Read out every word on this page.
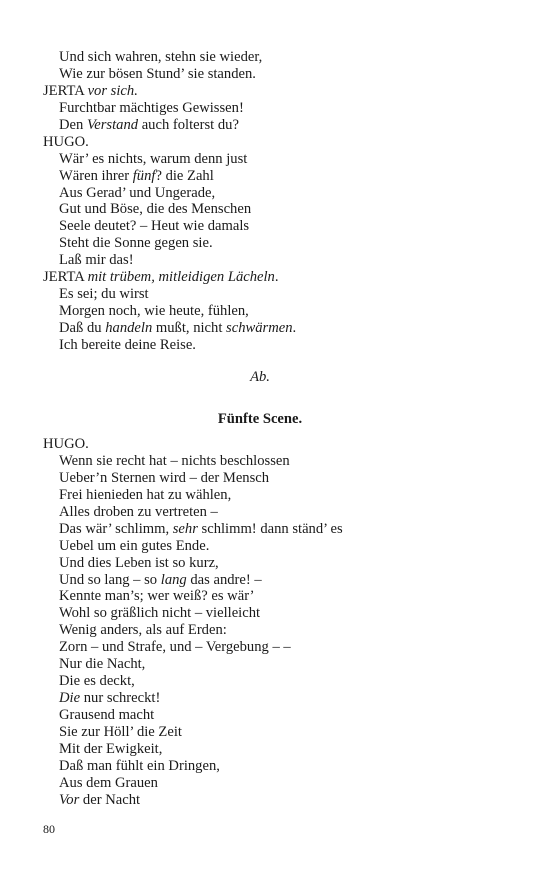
Und sich wahren, stehn sie wieder,
Wie zur bösen Stund’ sie standen.
JERTA vor sich.
Furchtbar mächtiges Gewissen!
Den Verstand auch folterst du?
HUGO.
Wär’ es nichts, warum denn just
Wären ihrer fünf? die Zahl
Aus Gerad’ und Ungerade,
Gut und Böse, die des Menschen
Seele deutet? – Heut wie damals
Steht die Sonne gegen sie.
Laß mir das!
JERTA mit trübem, mitleidigen Lächeln.
Es sei; du wirst
Morgen noch, wie heute, fühlen,
Daß du handeln mußt, nicht schwärmen.
Ich bereite deine Reise.
Ab.
Fünfte Scene.
HUGO.
Wenn sie recht hat – nichts beschlossen
Ueber’n Sternen wird – der Mensch
Frei hienieden hat zu wählen,
Alles droben zu vertreten –
Das wär’ schlimm, sehr schlimm! dann ständ’ es
Uebel um ein gutes Ende.
Und dies Leben ist so kurz,
Und so lang – so lang das andre! –
Kennte man’s; wer weiß? es wär’
Wohl so gräßlich nicht – vielleicht
Wenig anders, als auf Erden:
Zorn – und Strafe, und – Vergebung – –
Nur die Nacht,
Die es deckt,
Die nur schreckt!
Grausend macht
Sie zur Höll’ die Zeit
Mit der Ewigkeit,
Daß man fühlt ein Dringen,
Aus dem Grauen
Vor der Nacht
80
